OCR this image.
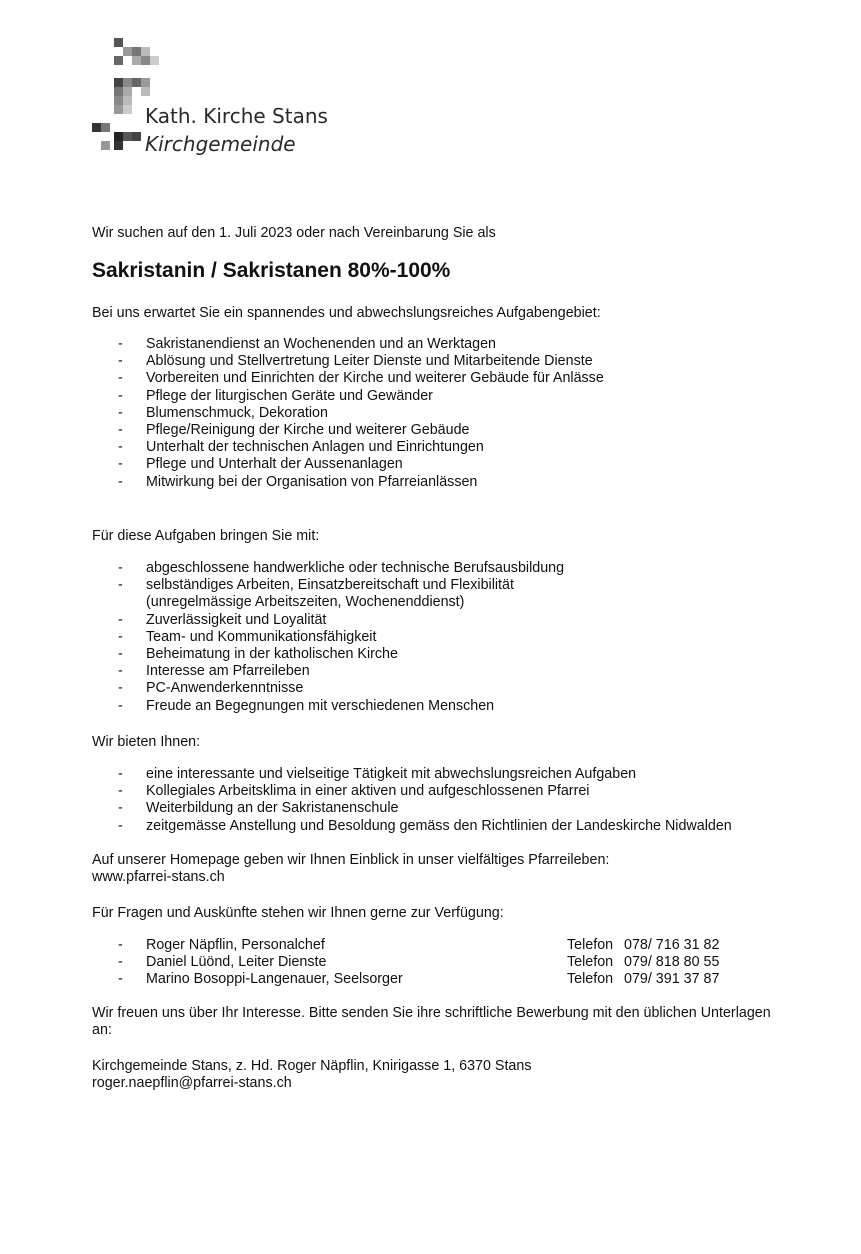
Kath. Kirche Stans
Kirchgemeinde
Wir suchen auf den 1. Juli 2023 oder nach Vereinbarung Sie als
Sakristanin / Sakristanen 80%-100%
Bei uns erwartet Sie ein spannendes und abwechslungsreiches Aufgabengebiet:
- Sakristanendienst an Wochenenden und an Werktagen
- Ablösung und Stellvertretung Leiter Dienste und Mitarbeitende Dienste
- Vorbereiten und Einrichten der Kirche und weiterer Gebäude für Anlässe
- Pflege der liturgischen Geräte und Gewänder
- Blumenschmuck, Dekoration
- Pflege/Reinigung der Kirche und weiterer Gebäude
- Unterhalt der technischen Anlagen und Einrichtungen
- Pflege und Unterhalt der Aussenanlagen
- Mitwirkung bei der Organisation von Pfarreianlässen
Für diese Aufgaben bringen Sie mit:
- abgeschlossene handwerkliche oder technische Berufsausbildung
- selbständiges Arbeiten, Einsatzbereitschaft und Flexibilität
(unregelmässige Arbeitszeiten, Wochenenddienst)
- Zuverlässigkeit und Loyalität
- Team- und Kommunikationsfähigkeit
- Beheimatung in der katholischen Kirche
- Interesse am Pfarreileben
- PC-Anwenderkenntnisse
- Freude an Begegnungen mit verschiedenen Menschen
Wir bieten Ihnen:
- eine interessante und vielseitige Tätigkeit mit abwechslungsreichen Aufgaben
- Kollegiales Arbeitsklima in einer aktiven und aufgeschlossenen Pfarrei
- Weiterbildung an der Sakristanenschule
- zeitgemässe Anstellung und Besoldung gemäss den Richtlinien der Landeskirche Nidwalden
Auf unserer Homepage geben wir Ihnen Einblick in unser vielfältiges Pfarreileben:
www.pfarrei-stans.ch
Für Fragen und Auskünfte stehen wir Ihnen gerne zur Verfügung:
- Roger Näpflin, Personalchef	Telefon 078/ 716 31 82
- Daniel Lüönd, Leiter Dienste	Telefon 079/ 818 80 55
- Marino Bosoppi-Langenauer, Seelsorger	Telefon 079/ 391 37 87
Wir freuen uns über Ihr Interesse. Bitte senden Sie ihre schriftliche Bewerbung mit den üblichen Unterlagen
an:
Kirchgemeinde Stans, z. Hd. Roger Näpflin, Knirigasse 1, 6370 Stans
roger.naepflin@pfarrei-stans.ch
